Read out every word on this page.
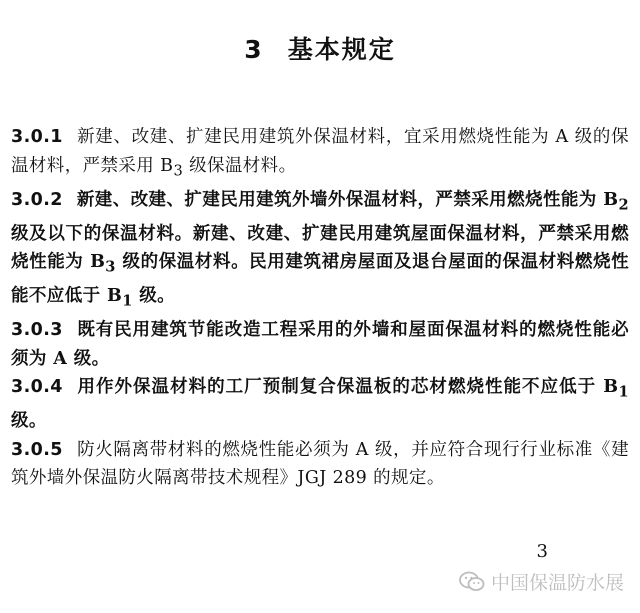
3 基本规定

3.0.1 新建、改建、扩建民用建筑外保温材料，宜采用燃烧性能为 A 级的保温材料，严禁采用 $B_3$ 级保温材料。

3.0.2 新建、改建、扩建民用建筑外墙外保温材料，严禁采用燃烧性能为 $B_2$ 级及以下的保温材料。新建、改建、扩建民用建筑屋面保温材料，严禁采用燃烧性能为 $B_3$ 级的保温材料。民用建筑裙房屋面及退台屋面的保温材料燃烧性能不应低于 $B_1$ 级。

3.0.3 既有民用建筑节能改造工程采用的外墙和屋面保温材料的燃烧性能必须为 A 级。

3.0.4 用作外保温材料的工厂预制复合保温板的芯材燃烧性能不应低于 $B_1$ 级。

3.0.5 防火隔离带材料的燃烧性能必须为 A 级，并应符合现行行业标准《建筑外墙外保温防火隔离带技术规程》JGJ 289 的规定。

3
中国保温防水展
